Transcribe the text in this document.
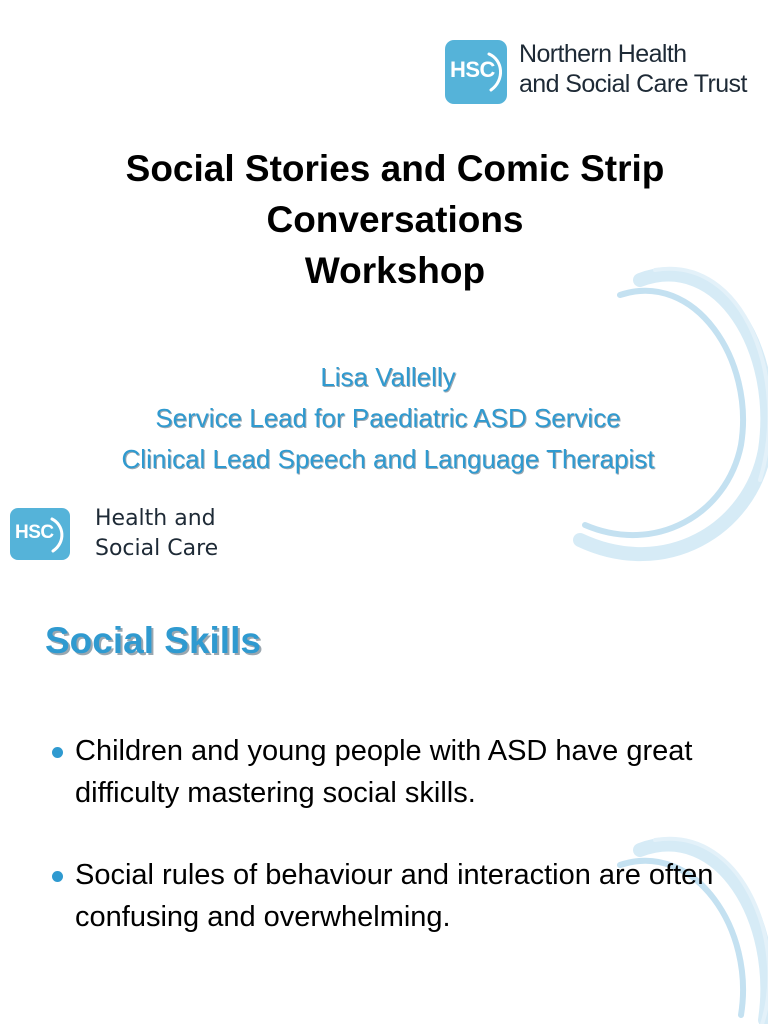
HSC
Northern Health
and Social Care Trust
Social Stories and Comic Strip
Conversations
Workshop
Lisa Vallelly
Service Lead for Paediatric ASD Service
Clinical Lead Speech and Language Therapist
HSC
Health and
Social Care
Social Skills
Children and young people with ASD have great difficulty mastering social skills.
Social rules of behaviour and interaction are often confusing and overwhelming.
